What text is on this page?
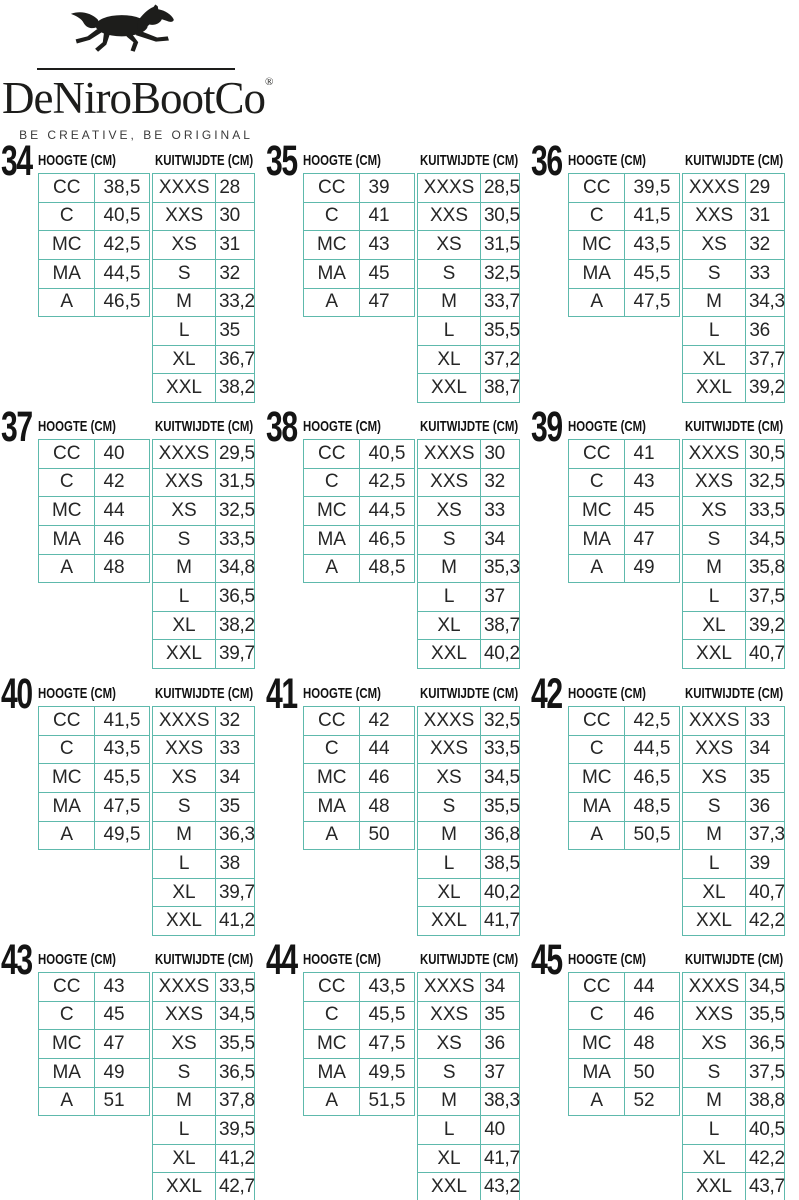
DeNiroBootCo®
BE CREATIVE, BE ORIGINAL
34 HOOGTE (CM)	KUITWIJDTE (CM)
CC	38,5
C	40,5
MC	42,5
MA	44,5
A	46,5
XXXS 28
XXS 30
XS	31
S	32
M	33,2
L	35
XL	36,7
XXL 38,2
35 HOOGTE (CM)	KUITWIJDTE (CM)
CC	39
C	41
MC	43
MA	45
A	47
XXXS 28,5
XXS 30,5
XS	31,5
S	32,5
M	33,7
L	35,5
XL	37,2
XXL 38,7
36 HOOGTE (CM)	KUITWIJDTE (CM)
CC	39,5
C	41,5
MC	43,5
MA	45,5
A	47,5
XXXS 29
XXS 31
XS	32
S	33
M	34,3
L	36
XL	37,7
XXL 39,2
37 HOOGTE (CM)	KUITWIJDTE (CM)
CC	40
C	42
MC	44
MA	46
A	48
XXXS 29,5
XXS 31,5
XS	32,5
S	33,5
M	34,8
L	36,5
XL	38,2
XXL 39,7
38 HOOGTE (CM)	KUITWIJDTE (CM)
CC	40,5
C	42,5
MC	44,5
MA	46,5
A	48,5
XXXS 30
XXS 32
XS	33
S	34
M	35,3
L	37
XL	38,7
XXL 40,2
39 HOOGTE (CM)	KUITWIJDTE (CM)
CC	41
C	43
MC	45
MA	47
A	49
XXXS 30,5
XXS 32,5
XS	33,5
S	34,5
M	35,8
L	37,5
XL	39,2
XXL 40,7
40 HOOGTE (CM)	KUITWIJDTE (CM)
CC	41,5
C	43,5
MC	45,5
MA	47,5
A	49,5
XXXS 32
XXS 33
XS	34
S	35
M	36,3
L	38
XL	39,7
XXL 41,2
41 HOOGTE (CM)	KUITWIJDTE (CM)
CC	42
C	44
MC	46
MA	48
A	50
XXXS 32,5
XXS 33,5
XS	34,5
S	35,5
M	36,8
L	38,5
XL	40,2
XXL 41,7
42 HOOGTE (CM)	KUITWIJDTE (CM)
CC	42,5
C	44,5
MC	46,5
MA	48,5
A	50,5
XXXS 33
XXS 34
XS	35
S	36
M	37,3
L	39
XL	40,7
XXL 42,2
43 HOOGTE (CM)	KUITWIJDTE (CM)
CC	43
C	45
MC	47
MA	49
A	51
XXXS 33,5
XXS 34,5
XS	35,5
S	36,5
M	37,8
L	39,5
XL	41,2
XXL 42,7
44 HOOGTE (CM)	KUITWIJDTE (CM)
CC	43,5
C	45,5
MC	47,5
MA	49,5
A	51,5
XXXS 34
XXS 35
XS	36
S	37
M	38,3
L	40
XL	41,7
XXL 43,2
45 HOOGTE (CM)	KUITWIJDTE (CM)
CC	44
C	46
MC	48
MA	50
A	52
XXXS 34,5
XXS 35,5
XS	36,5
S	37,5
M	38,8
L	40,5
XL	42,2
XXL 43,7
